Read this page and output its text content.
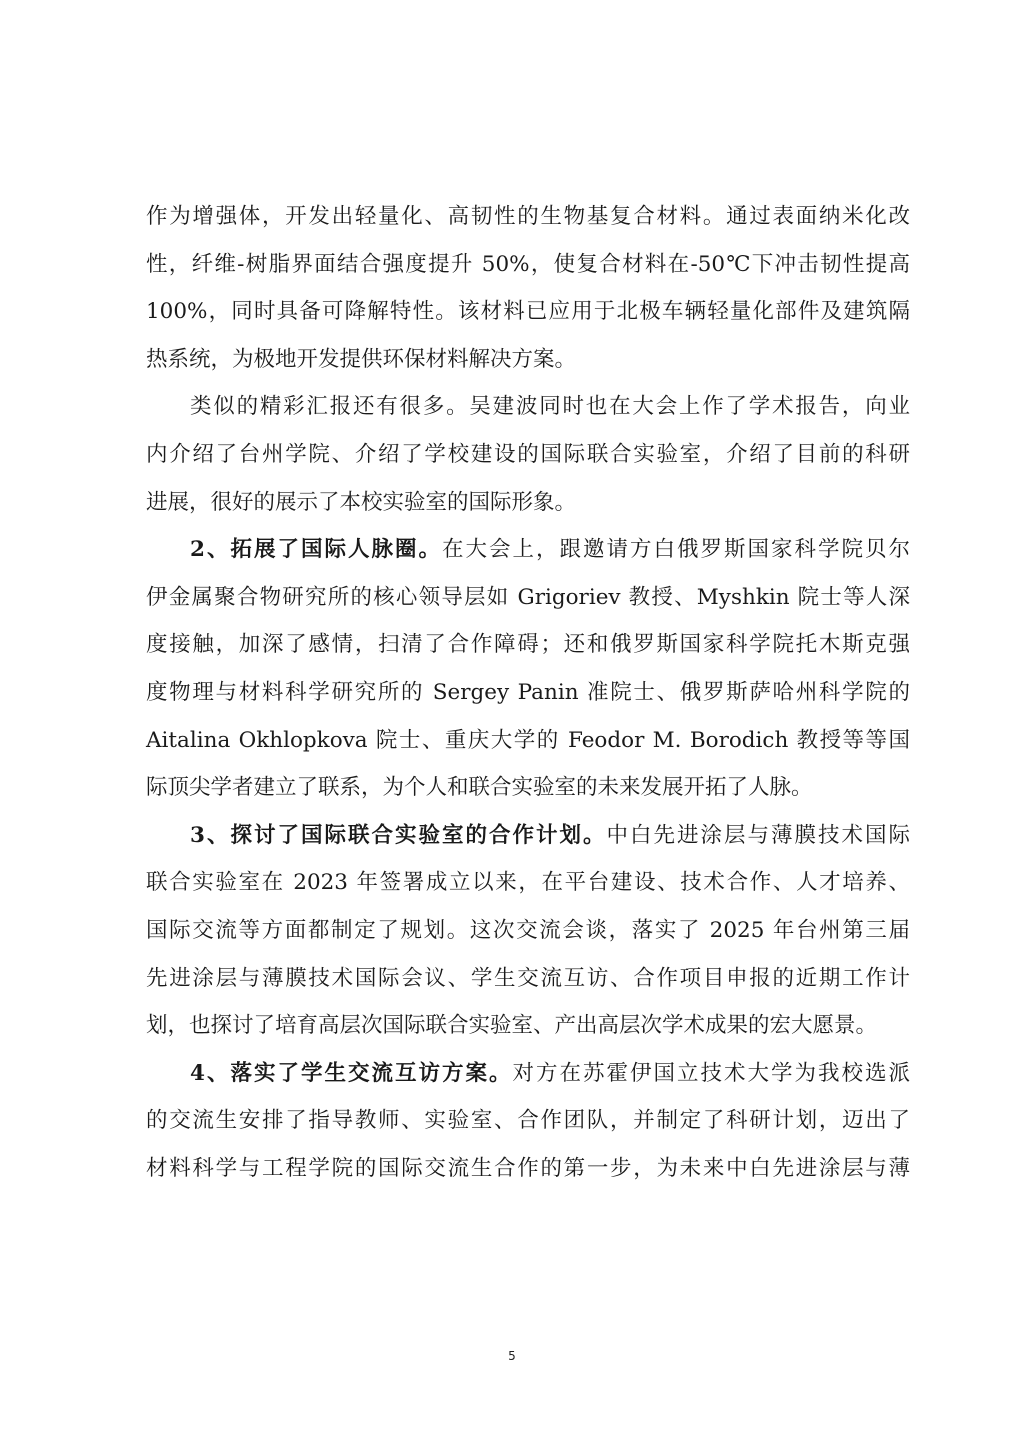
作为增强体，开发出轻量化、高韧性的生物基复合材料。通过表面纳米化改
性，纤维-树脂界面结合强度提升 50%，使复合材料在-50℃下冲击韧性提高
100%，同时具备可降解特性。该材料已应用于北极车辆轻量化部件及建筑隔
热系统，为极地开发提供环保材料解决方案。
类似的精彩汇报还有很多。吴建波同时也在大会上作了学术报告，向业
内介绍了台州学院、介绍了学校建设的国际联合实验室，介绍了目前的科研
进展，很好的展示了本校实验室的国际形象。
2、拓展了国际人脉圈。在大会上，跟邀请方白俄罗斯国家科学院贝尔
伊金属聚合物研究所的核心领导层如 Grigoriev 教授、Myshkin 院士等人深
度接触，加深了感情，扫清了合作障碍；还和俄罗斯国家科学院托木斯克强
度物理与材料科学研究所的 Sergey Panin 准院士、俄罗斯萨哈州科学院的
Aitalina Okhlopkova 院士、重庆大学的 Feodor M. Borodich 教授等等国
际顶尖学者建立了联系，为个人和联合实验室的未来发展开拓了人脉。
3、探讨了国际联合实验室的合作计划。中白先进涂层与薄膜技术国际
联合实验室在 2023 年签署成立以来，在平台建设、技术合作、人才培养、
国际交流等方面都制定了规划。这次交流会谈，落实了 2025 年台州第三届
先进涂层与薄膜技术国际会议、学生交流互访、合作项目申报的近期工作计
划，也探讨了培育高层次国际联合实验室、产出高层次学术成果的宏大愿景。
4、落实了学生交流互访方案。对方在苏霍伊国立技术大学为我校选派
的交流生安排了指导教师、实验室、合作团队，并制定了科研计划，迈出了
材料科学与工程学院的国际交流生合作的第一步，为未来中白先进涂层与薄
5
